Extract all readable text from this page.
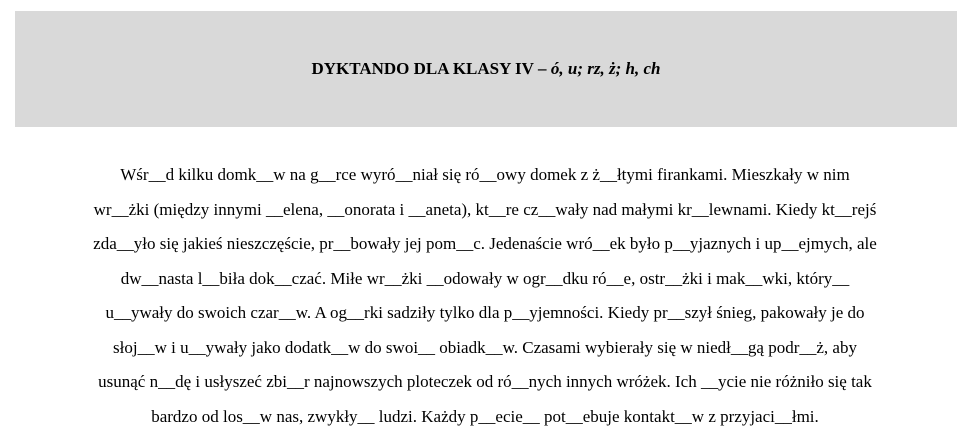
DYKTANDO DLA KLASY IV – ó, u; rz, ż; h, ch
Wśr__d kilku domk__w na g__rce wyró__niał się ró__owy domek z ż__łtymi firankami. Mieszkały w nim
wr__żki (między innymi __elena, __onorata i __aneta), kt__re cz__wały nad małymi kr__lewnami. Kiedy kt__rejś
zda__yło się jakieś nieszczęście, pr__bowały jej pom__c. Jedenaście wró__ek było p__yjaznych i up__ejmych, ale
dw__nasta l__biła dok__czać. Miłe wr__żki __odowały w ogr__dku ró__e, ostr__żki i mak__wki, który__
u__ywały do swoich czar__w. A og__rki sadziły tylko dla p__yjemności. Kiedy pr__szył śnieg, pakowały je do
słoj__w i u__ywały jako dodatk__w do swoi__ obiadk__w. Czasami wybierały się w niedł__gą podr__ż, aby
usunąć n__dę i usłyszeć zbi__r najnowszych ploteczek od ró__nych innych wróżek. Ich __ycie nie różniło się tak
bardzo od los__w nas, zwykły__ ludzi. Każdy p__ecie__ pot__ebuje kontakt__w z przyjaci__łmi.
